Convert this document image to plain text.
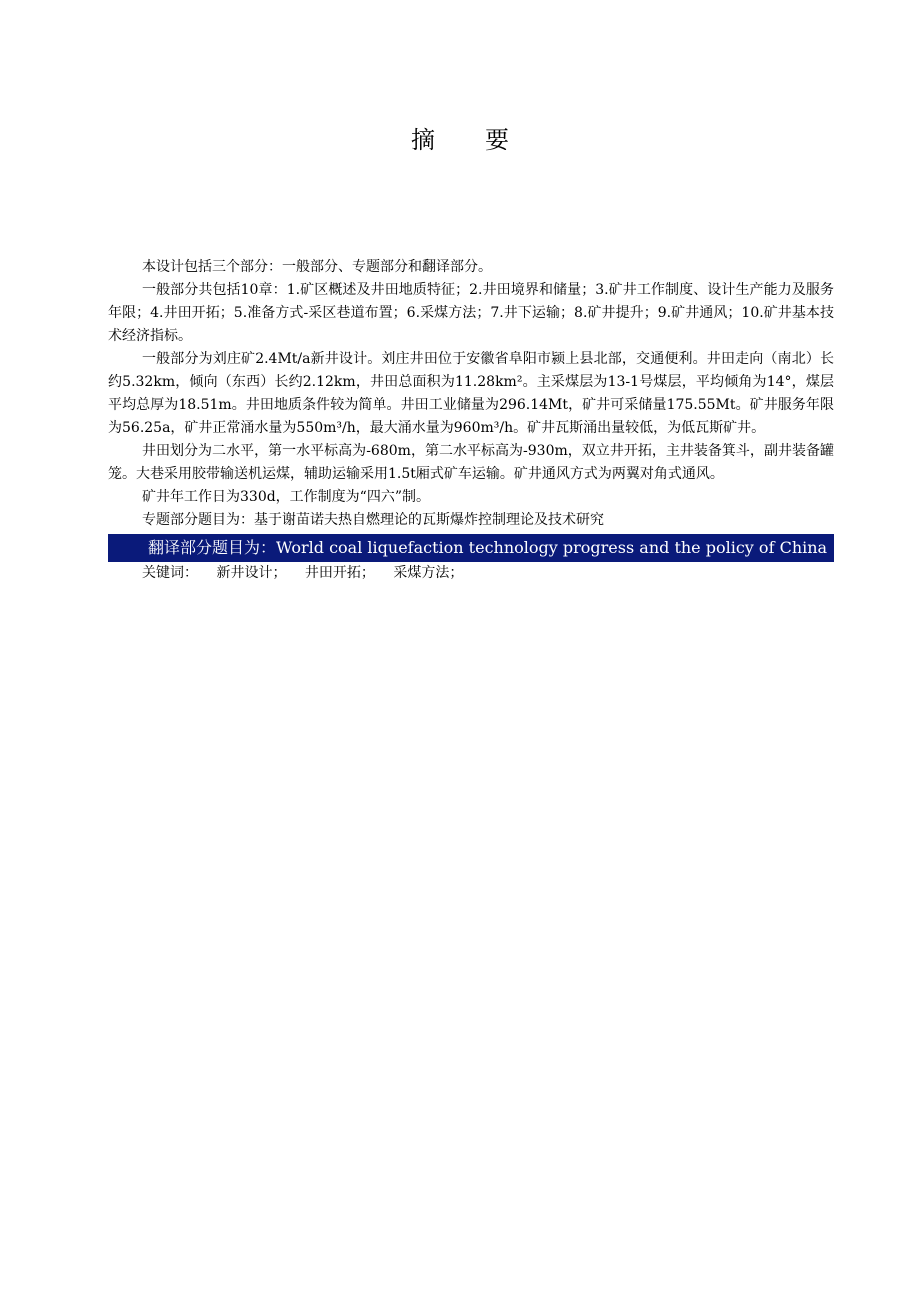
摘 要

本设计包括三个部分：一般部分、专题部分和翻译部分。

一般部分共包括10章：1.矿区概述及井田地质特征；2.井田境界和储量；3.矿井工作制度、设计生产能力及服务年限；4.井田开拓；5.准备方式-采区巷道布置；6.采煤方法；7.井下运输；8.矿井提升；9.矿井通风；10.矿井基本技术经济指标。

一般部分为刘庄矿2.4Mt/a新井设计。刘庄井田位于安徽省阜阳市颍上县北部，交通便利。井田走向（南北）长约5.32km，倾向（东西）长约2.12km，井田总面积为11.28km²。主采煤层为13-1号煤层，平均倾角为14°，煤层平均总厚为18.51m。井田地质条件较为简单。井田工业储量为296.14Mt，矿井可采储量175.55Mt。矿井服务年限为56.25a，矿井正常涌水量为550m³/h，最大涌水量为960m³/h。矿井瓦斯涌出量较低，为低瓦斯矿井。

井田划分为二水平，第一水平标高为-680m，第二水平标高为-930m，双立井开拓，主井装备箕斗，副井装备罐笼。大巷采用胶带输送机运煤，辅助运输采用1.5t厢式矿车运输。矿井通风方式为两翼对角式通风。

矿井年工作日为330d，工作制度为“四六”制。

专题部分题目为：基于谢苗诺夫热自燃理论的瓦斯爆炸控制理论及技术研究

翻译部分题目为：World coal liquefaction technology progress and the policy of China

关键词： 新井设计； 井田开拓； 采煤方法；
